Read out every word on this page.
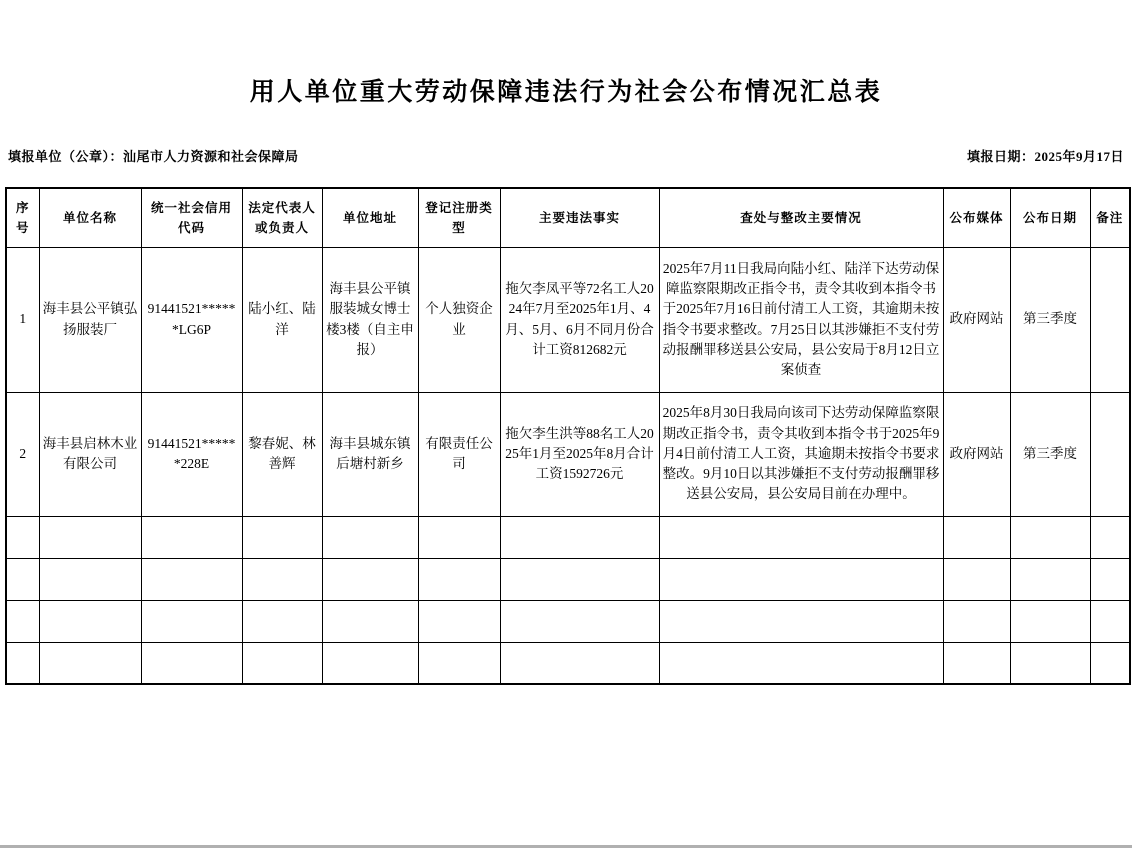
用人单位重大劳动保障违法行为社会公布情况汇总表
填报单位（公章）：汕尾市人力资源和社会保障局	填报日期：2025年9月17日
序号	单位名称	统一社会信用代码	法定代表人或负责人	单位地址	登记注册类型	主要违法事实	查处与整改主要情况	公布媒体	公布日期	备注
1	海丰县公平镇弘扬服装厂	91441521******LG6P	陆小红、陆洋	海丰县公平镇服装城女博士楼3楼（自主申报）	个人独资企业	拖欠李凤平等72名工人2024年7月至2025年1月、4月、5月、6月不同月份合计工资812682元	2025年7月11日我局向陆小红、陆洋下达劳动保障监察限期改正指令书，责令其收到本指令书于2025年7月16日前付清工人工资，其逾期未按指令书要求整改。7月25日以其涉嫌拒不支付劳动报酬罪移送县公安局，县公安局于8月12日立案侦查	政府网站	第三季度	
2	海丰县启林木业有限公司	91441521******228E	黎春妮、林善辉	海丰县城东镇后塘村新乡	有限责任公司	拖欠李生洪等88名工人2025年1月至2025年8月合计工资1592726元	2025年8月30日我局向该司下达劳动保障监察限期改正指令书，责令其收到本指令书于2025年9月4日前付清工人工资，其逾期未按指令书要求整改。9月10日以其涉嫌拒不支付劳动报酬罪移送县公安局，县公安局目前在办理中。	政府网站	第三季度	
